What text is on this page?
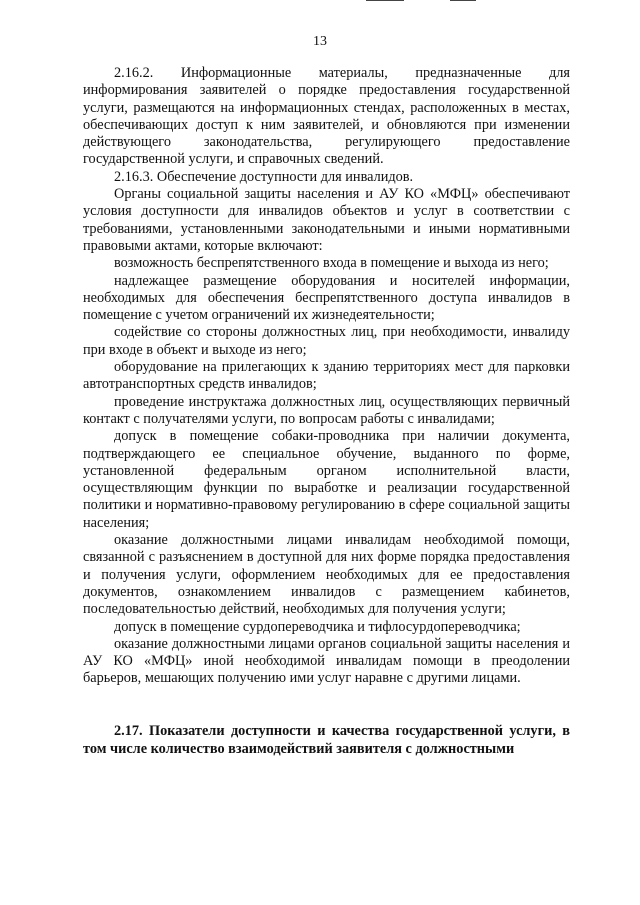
13

2.16.2. Информационные материалы, предназначенные для информирования заявителей о порядке предоставления государственной услуги, размещаются на информационных стендах, расположенных в местах, обеспечивающих доступ к ним заявителей, и обновляются при изменении действующего законодательства, регулирующего предоставление государственной услуги, и справочных сведений.

2.16.3. Обеспечение доступности для инвалидов.

Органы социальной защиты населения и АУ КО «МФЦ» обеспечивают условия доступности для инвалидов объектов и услуг в соответствии с требованиями, установленными законодательными и иными нормативными правовыми актами, которые включают:

возможность беспрепятственного входа в помещение и выхода из него;

надлежащее размещение оборудования и носителей информации, необходимых для обеспечения беспрепятственного доступа инвалидов в помещение с учетом ограничений их жизнедеятельности;

содействие со стороны должностных лиц, при необходимости, инвалиду при входе в объект и выходе из него;

оборудование на прилегающих к зданию территориях мест для парковки автотранспортных средств инвалидов;

проведение инструктажа должностных лиц, осуществляющих первичный контакт с получателями услуги, по вопросам работы с инвалидами;

допуск в помещение собаки-проводника при наличии документа, подтверждающего ее специальное обучение, выданного по форме, установленной федеральным органом исполнительной власти, осуществляющим функции по выработке и реализации государственной политики и нормативно-правовому регулированию в сфере социальной защиты населения;

оказание должностными лицами инвалидам необходимой помощи, связанной с разъяснением в доступной для них форме порядка предоставления и получения услуги, оформлением необходимых для ее предоставления документов, ознакомлением инвалидов с размещением кабинетов, последовательностью действий, необходимых для получения услуги;

допуск в помещение сурдопереводчика и тифлосурдопереводчика;

оказание должностными лицами органов социальной защиты населения и АУ КО «МФЦ» иной необходимой инвалидам помощи в преодолении барьеров, мешающих получению ими услуг наравне с другими лицами.

2.17. Показатели доступности и качества государственной услуги, в том числе количество взаимодействий заявителя с должностными
